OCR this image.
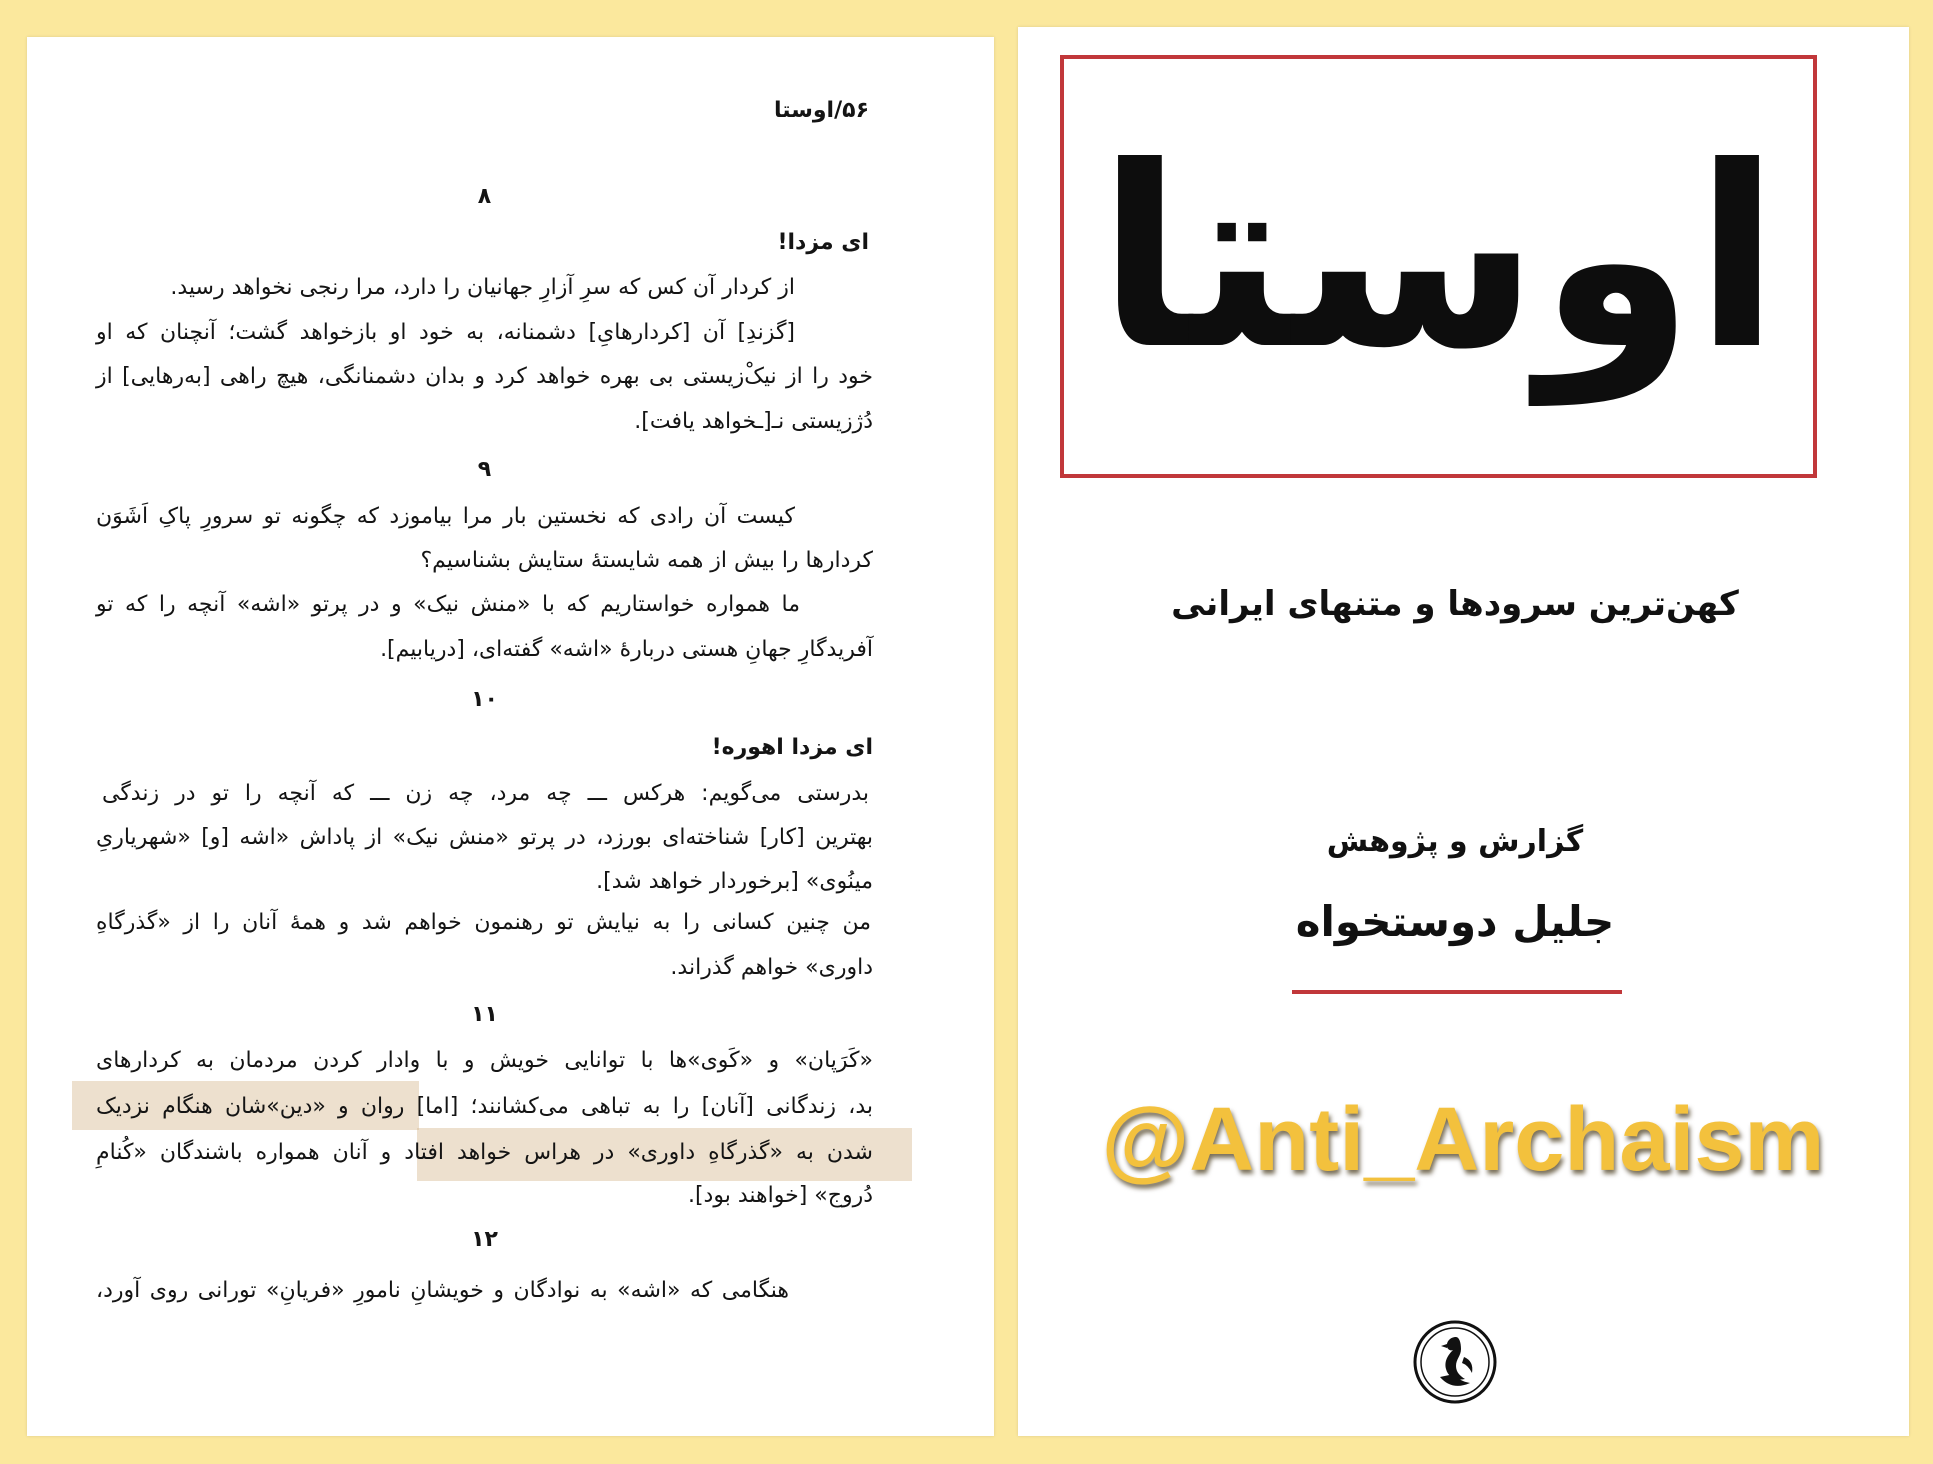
۵۶/اوستا
۸
ای مزدا!
از کردار آن کس که سرِ آزارِ جهانیان را دارد، مرا رنجی نخواهد رسید.
[گزندِ] آن [کردارهایِ] دشمنانه، به خود او بازخواهد گشت؛ آنچنان که او
خود را از نیکْ‌زیستی بی بهره خواهد کرد و بدان دشمنانگی، هیچ راهی [به‌رهایی] از
دُژزیستی نـ[ـخواهد یافت].
۹
کیست آن رادی که نخستین بار مرا بیاموزد که چگونه تو سرورِ پاکِ اَشَوَن
کردارها را بیش از همه شایستهٔ ستایش بشناسیم؟
ما همواره خواستاریم که با «منش نیک» و در پرتو «اشه» آنچه را که تو
آفریدگارِ جهانِ هستی دربارهٔ «اشه» گفته‌ای، [دریابیم].
۱۰
ای مزدا اهوره!
بدرستی می‌گویم: هرکس ـــ چه مرد، چه زن ـــ که آنچه را تو در زندگی
بهترین [کار] شناخته‌ای بورزد، در پرتو «منش نیک» از پاداش «اشه [و] «شهریاریِ
مینُوی» [برخوردار خواهد شد].
من چنین کسانی را به نیایش تو رهنمون خواهم شد و همهٔ آنان را از «گذرگاهِ
داوری» خواهم گذراند.
۱۱
«کَرَپان» و «کَوی»ها با توانایی خویش و با وادار کردن مردمان به کردارهای
بد، زندگانی [آنان] را به تباهی می‌کشانند؛ [اما] روان و «دین»شان هنگام نزدیک
شدن به «گذرگاهِ داوری» در هراس خواهد افتاد و آنان همواره باشندگان «کُنامِ
دُروج» [خواهند بود].
۱۲
هنگامی که «اشه» به نوادگان و خویشانِ نامورِ «فریانِ» تورانی روی آورد،
اوستا
کهن‌ترین سرودها و متنهای ایرانی
گزارش و پژوهش
جلیل دوستخواه
@Anti_Archaism
